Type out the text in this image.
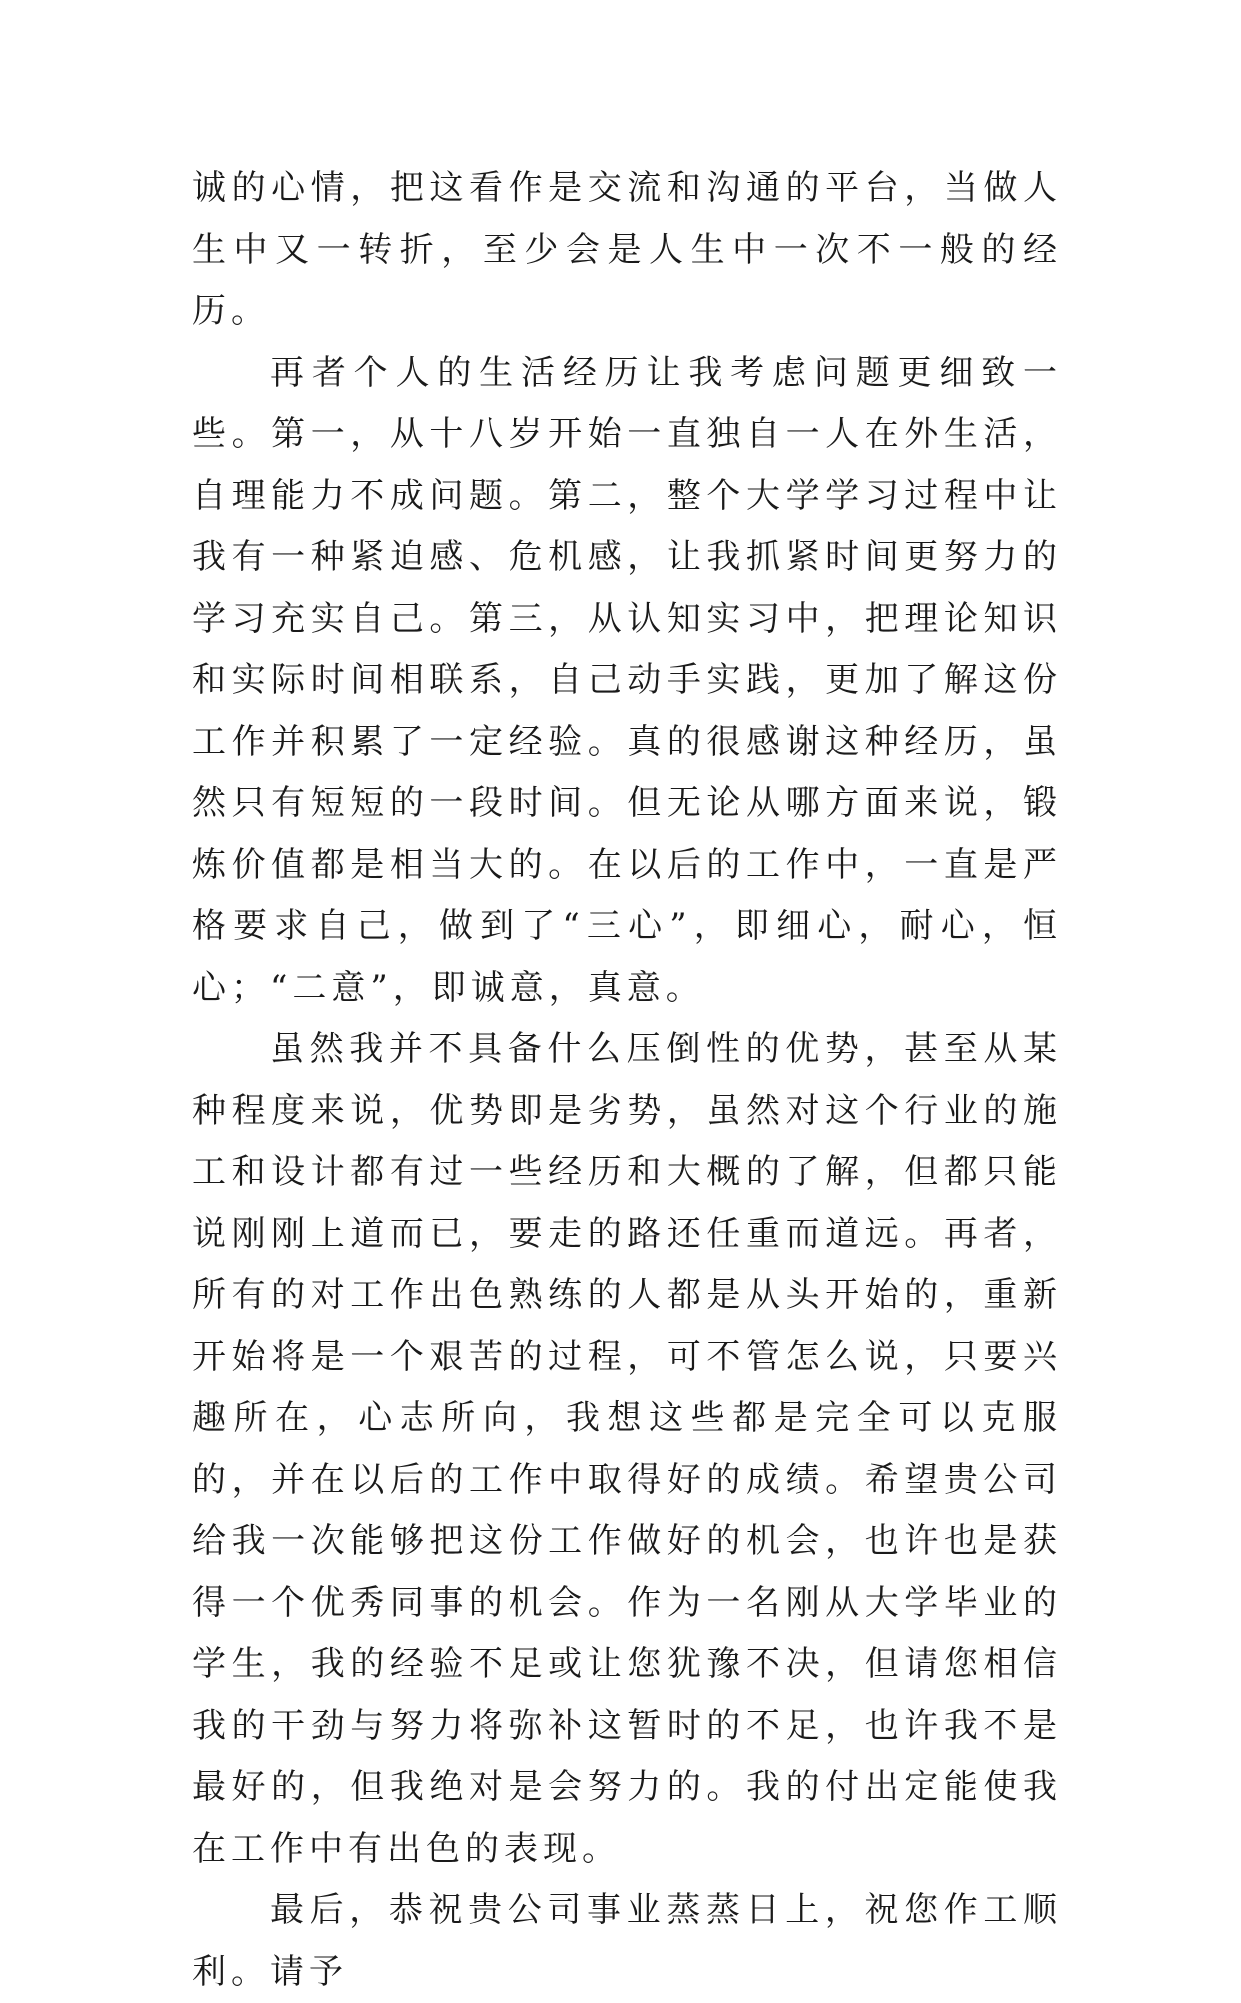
诚的心情，把这看作是交流和沟通的平台，当做人生中又一转折，至少会是人生中一次不一般的经历。

再者个人的生活经历让我考虑问题更细致一些。第一，从十八岁开始一直独自一人在外生活，自理能力不成问题。第二，整个大学学习过程中让我有一种紧迫感、危机感，让我抓紧时间更努力的学习充实自己。第三，从认知实习中，把理论知识和实际时间相联系，自己动手实践，更加了解这份工作并积累了一定经验。真的很感谢这种经历，虽然只有短短的一段时间。但无论从哪方面来说，锻炼价值都是相当大的。在以后的工作中，一直是严格要求自己，做到了“三心”，即细心，耐心，恒心；“二意”，即诚意，真意。

虽然我并不具备什么压倒性的优势，甚至从某种程度来说，优势即是劣势，虽然对这个行业的施工和设计都有过一些经历和大概的了解，但都只能说刚刚上道而已，要走的路还任重而道远。再者，所有的对工作出色熟练的人都是从头开始的，重新开始将是一个艰苦的过程，可不管怎么说，只要兴趣所在，心志所向，我想这些都是完全可以克服的，并在以后的工作中取得好的成绩。希望贵公司给我一次能够把这份工作做好的机会，也许也是获得一个优秀同事的机会。作为一名刚从大学毕业的学生，我的经验不足或让您犹豫不决，但请您相信我的干劲与努力将弥补这暂时的不足，也许我不是最好的，但我绝对是会努力的。我的付出定能使我在工作中有出色的表现。

最后，恭祝贵公司事业蒸蒸日上，祝您作工顺利。请予
